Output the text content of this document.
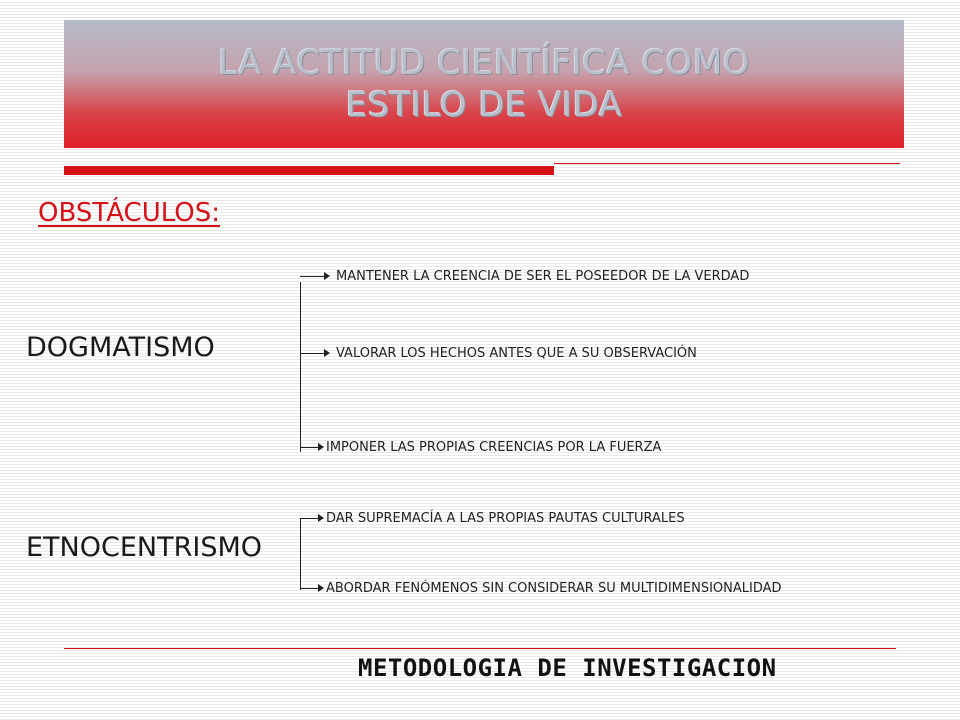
LA ACTITUD CIENTÍFICA COMO
ESTILO DE VIDA
OBSTÁCULOS:
DOGMATISMO
MANTENER LA CREENCIA DE SER EL POSEEDOR DE LA VERDAD
VALORAR LOS HECHOS ANTES QUE A SU OBSERVACIÓN
IMPONER LAS PROPIAS CREENCIAS POR LA FUERZA
ETNOCENTRISMO
DAR SUPREMACÍA A LAS PROPIAS PAUTAS CULTURALES
ABORDAR FENÓMENOS SIN CONSIDERAR SU MULTIDIMENSIONALIDAD
METODOLOGIA DE INVESTIGACION
